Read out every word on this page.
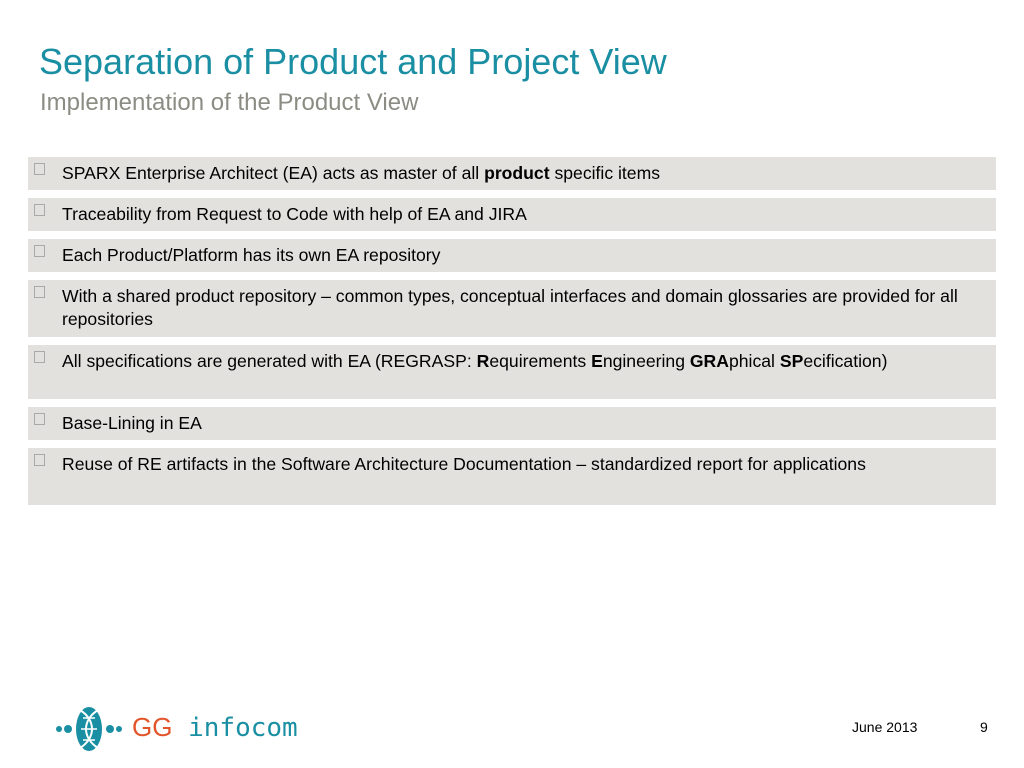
Separation of Product and Project View
Implementation of the Product View
SPARX Enterprise Architect (EA) acts as master of all product specific items
Traceability from Request to Code with help of EA and JIRA
Each Product/Platform has its own EA repository
With a shared product repository – common types, conceptual interfaces and domain glossaries are provided for all repositories
All specifications are generated with EA (REGRASP: Requirements Engineering GRAphical SPecification)
Base-Lining in EA
Reuse of RE artifacts in the Software Architecture Documentation – standardized report for applications
GG infocom	June 2013	9
